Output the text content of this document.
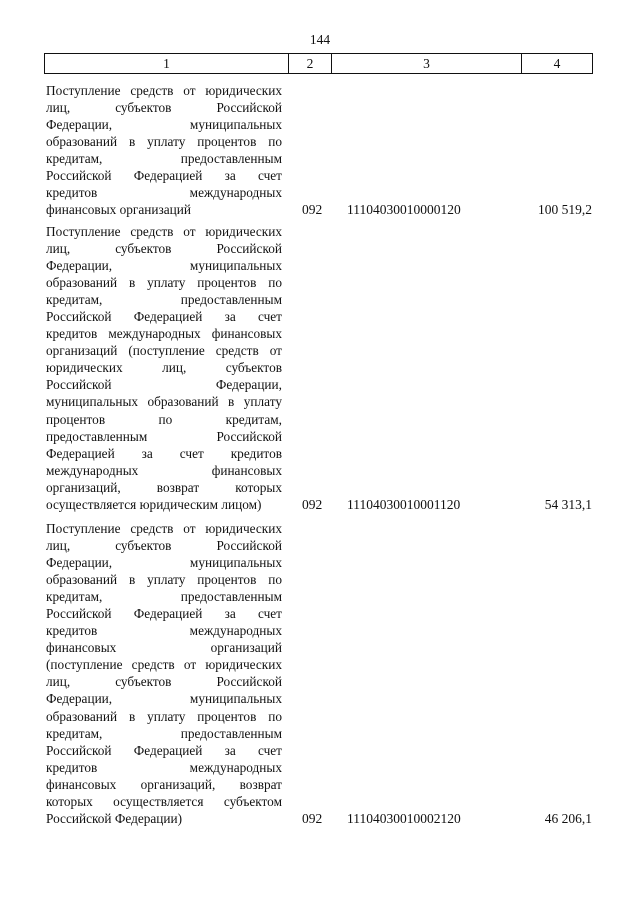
144
1	2	3	4
Поступление средств от юридических
лиц, субъектов Российской
Федерации, муниципальных
образований в уплату процентов по
кредитам, предоставленным
Российской Федерацией за счет
кредитов международных
финансовых организаций	092 11104030010000120	100 519,2
Поступление средств от юридических
лиц, субъектов Российской
Федерации, муниципальных
образований в уплату процентов по
кредитам, предоставленным
Российской Федерацией за счет
кредитов международных финансовых
организаций (поступление средств от
юридических лиц, субъектов
Российской Федерации,
муниципальных образований в уплату
процентов по кредитам,
предоставленным Российской
Федерацией за счет кредитов
международных финансовых
организаций, возврат которых
осуществляется юридическим лицом)	092 11104030010001120	54 313,1
Поступление средств от юридических
лиц, субъектов Российской
Федерации, муниципальных
образований в уплату процентов по
кредитам, предоставленным
Российской Федерацией за счет
кредитов международных
финансовых организаций
(поступление средств от юридических
лиц, субъектов Российской
Федерации, муниципальных
образований в уплату процентов по
кредитам, предоставленным
Российской Федерацией за счет
кредитов международных
финансовых организаций, возврат
которых осуществляется субъектом
Российской Федерации)	092 11104030010002120	46 206,1
